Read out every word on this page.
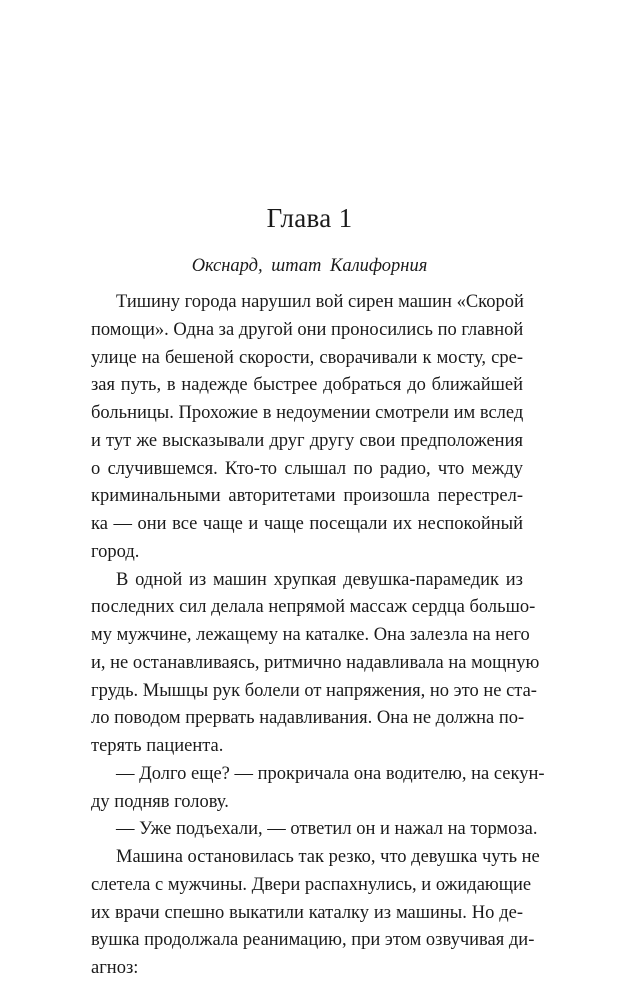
Глава 1
Окснард, штат Калифорния
Тишину города нарушил вой сирен машин «Скорой
помощи». Одна за другой они проносились по главной
улице на бешеной скорости, сворачивали к мосту, сре-
зая путь, в надежде быстрее добраться до ближайшей
больницы. Прохожие в недоумении смотрели им вслед
и тут же высказывали друг другу свои предположения
о случившемся. Кто-то слышал по радио, что между
криминальными авторитетами произошла перестрел-
ка — они все чаще и чаще посещали их неспокойный
город.
В одной из машин хрупкая девушка-парамедик из
последних сил делала непрямой массаж сердца большо-
му мужчине, лежащему на каталке. Она залезла на него
и, не останавливаясь, ритмично надавливала на мощную
грудь. Мышцы рук болели от напряжения, но это не ста-
ло поводом прервать надавливания. Она не должна по-
терять пациента.
— Долго еще? — прокричала она водителю, на секун-
ду подняв голову.
— Уже подъехали, — ответил он и нажал на тормоза.
Машина остановилась так резко, что девушка чуть не
слетела с мужчины. Двери распахнулись, и ожидающие
их врачи спешно выкатили каталку из машины. Но де-
вушка продолжала реанимацию, при этом озвучивая ди-
агноз:
